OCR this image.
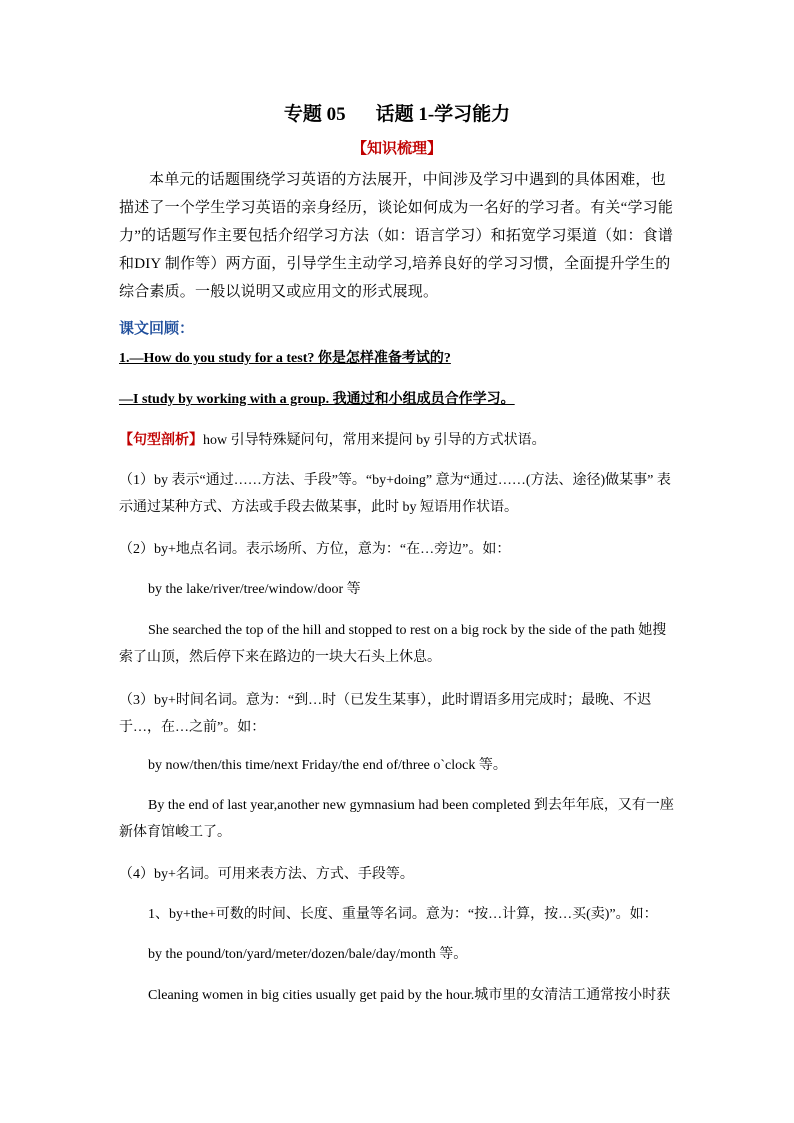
专题 05 话题 1-学习能力
【知识梳理】

本单元的话题围绕学习英语的方法展开，中间涉及学习中遇到的具体困难，也描述了一个学生学习英语的亲身经历，谈论如何成为一名好的学习者。有关“学习能力”的话题写作主要包括介绍学习方法（如：语言学习）和拓宽学习渠道（如：食谱和DIY 制作等）两方面，引导学生主动学习,培养良好的学习习惯，全面提升学生的综合素质。一般以说明又或应用文的形式展现。

课文回顾：

1.—How do you study for a test? 你是怎样准备考试的?

—I study by working with a group. 我通过和小组成员合作学习。

【句型剖析】how 引导特殊疑问句，常用来提问 by 引导的方式状语。

（1）by 表示“通过……方法、手段”等。“by+doing” 意为“通过……(方法、途径)做某事” 表示通过某种方式、方法或手段去做某事，此时 by 短语用作状语。

（2）by+地点名词。表示场所、方位，意为：“在…旁边”。如：

by the lake/river/tree/window/door 等

She searched the top of the hill and stopped to rest on a big rock by the side of the path 她搜索了山顶，然后停下来在路边的一块大石头上休息。

（3）by+时间名词。意为：“到…时（已发生某事），此时谓语多用完成时；最晚、不迟于…，在…之前”。如：

by now/then/this time/next Friday/the end of/three o`clock 等。

By the end of last year,another new gymnasium had been completed 到去年年底，又有一座新体育馆峻工了。

（4）by+名词。可用来表方法、方式、手段等。

1、by+the+可数的时间、长度、重量等名词。意为：“按…计算，按…买(卖)”。如：

by the pound/ton/yard/meter/dozen/bale/day/month 等。

Cleaning women in big cities usually get paid by the hour.城市里的女清洁工通常按小时获
